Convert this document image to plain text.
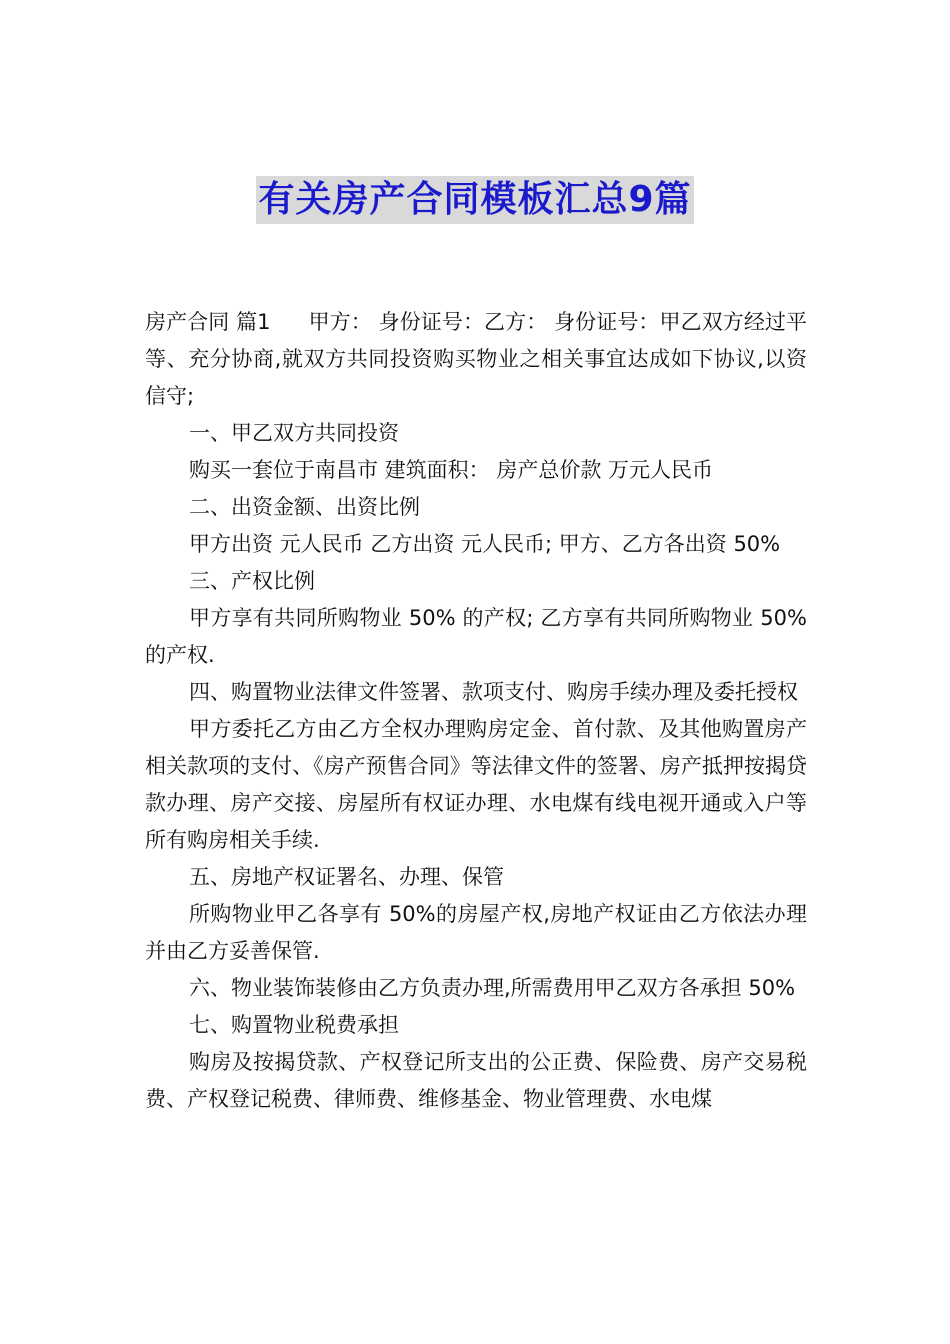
有关房产合同模板汇总9篇

房产合同 篇1 甲方： 身份证号：乙方： 身份证号：甲乙双方经过平等、充分协商,就双方共同投资购买物业之相关事宜达成如下协议,以资信守;

一、甲乙双方共同投资

购买一套位于南昌市 建筑面积： 房产总价款 万元人民币

二、出资金额、出资比例

甲方出资 元人民币 乙方出资 元人民币; 甲方、乙方各出资 50%

三、产权比例

甲方享有共同所购物业 50% 的产权; 乙方享有共同所购物业 50% 的产权.

四、购置物业法律文件签署、款项支付、购房手续办理及委托授权

甲方委托乙方由乙方全权办理购房定金、首付款、及其他购置房产相关款项的支付、《房产预售合同》等法律文件的签署、房产抵押按揭贷款办理、房产交接、房屋所有权证办理、水电煤有线电视开通或入户等所有购房相关手续.

五、房地产权证署名、办理、保管

所购物业甲乙各享有 50%的房屋产权,房地产权证由乙方依法办理并由乙方妥善保管.

六、物业装饰装修由乙方负责办理,所需费用甲乙双方各承担 50%

七、购置物业税费承担

购房及按揭贷款、产权登记所支出的公正费、保险费、房产交易税费、产权登记税费、律师费、维修基金、物业管理费、水电煤
